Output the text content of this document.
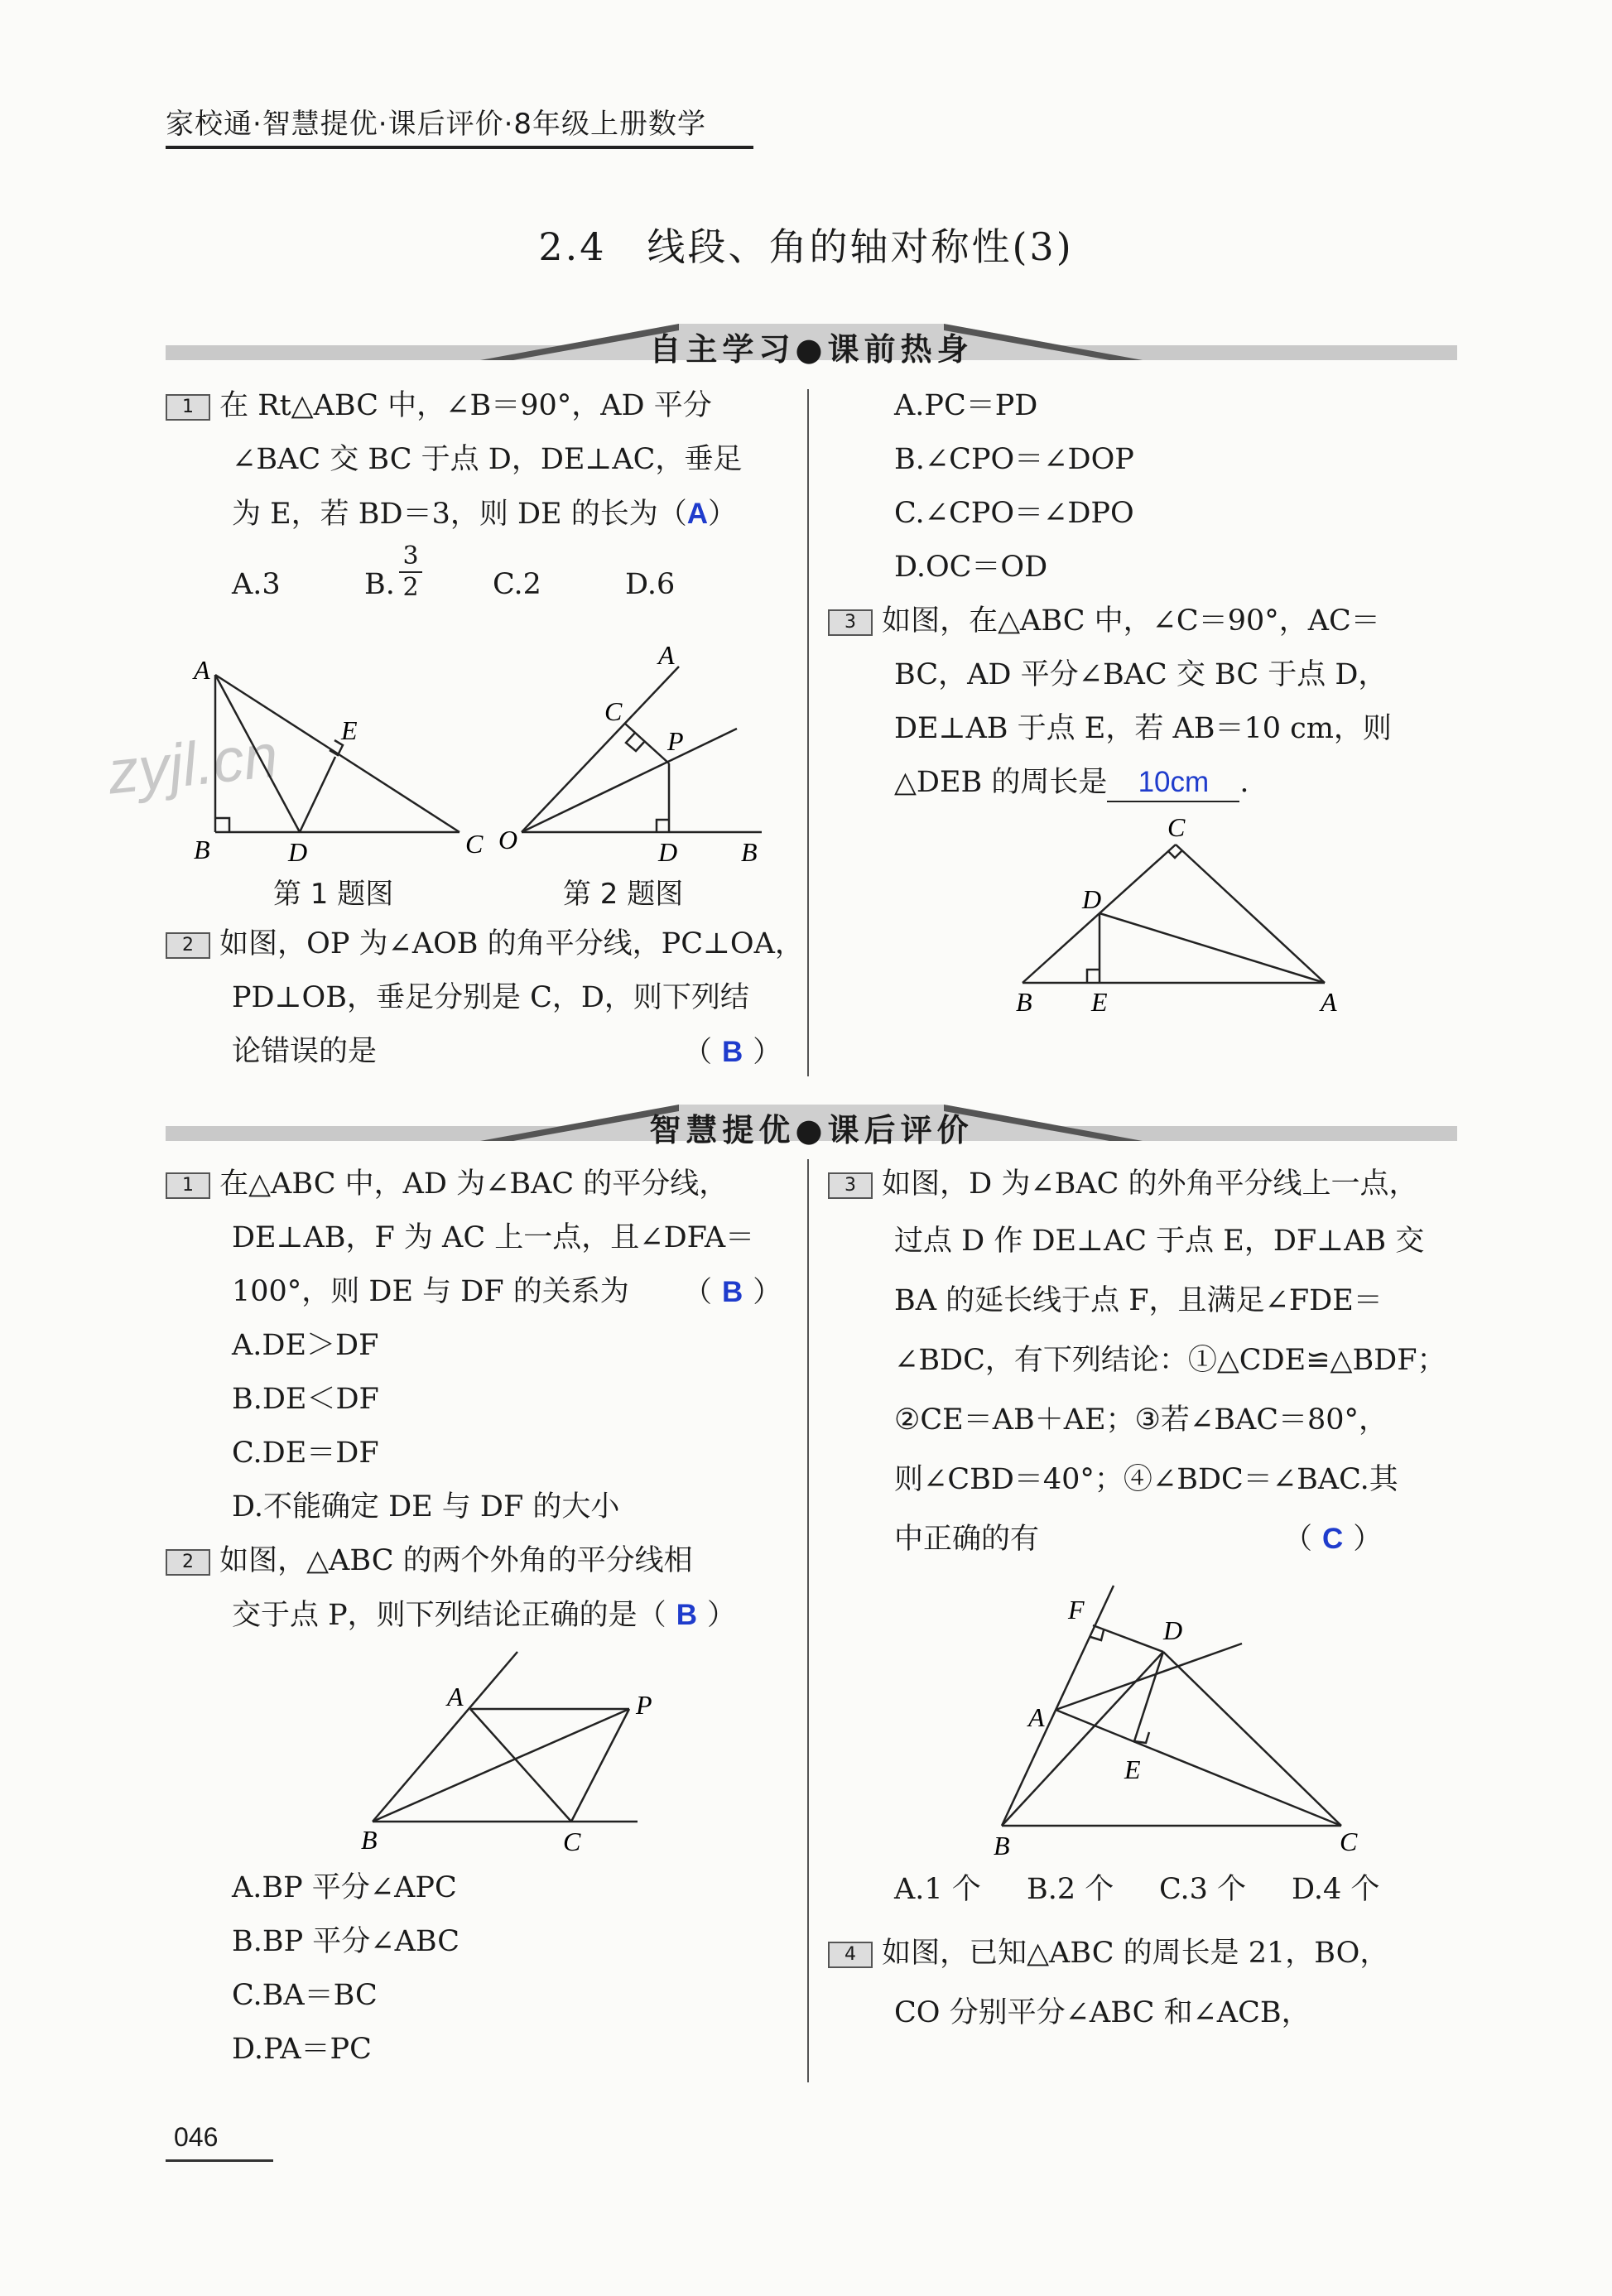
家校通·智慧提优·课后评价·8年级上册数学
2.4　线段、角的轴对称性(3)
zyjl.cn
自主学习●课前热身
1 在 Rt△ABC 中，∠B＝90°，AD 平分
∠BAC 交 BC 于点 D，DE⊥AC，垂足
为 E，若 BD＝3，则 DE 的长为（A）
A.3	B. $\frac{3}{2} C.2$	D.6
A
E
B	D	C
A
C
P
O	D B
第 1 题图	第 2 题图
2 如图，OP 为∠AOB 的角平分线，PC⊥OA，
PD⊥OB，垂足分别是 C，D，则下列结
论错误的是	（ B ）
A.PC＝PD
B.∠CPO＝∠DOP
C.∠CPO＝∠DPO
D.OC＝OD
3 如图，在△ABC 中，∠C＝90°，AC＝
BC，AD 平分∠BAC 交 BC 于点 D，
DE⊥AB 于点 E，若 AB＝10 cm，则
△DEB 的周长是 10cm .
C
D
B E	A
智慧提优●课后评价
1 在△ABC 中，AD 为∠BAC 的平分线，
DE⊥AB，F 为 AC 上一点，且∠DFA＝
100°，则 DE 与 DF 的关系为 （ B ）
A.DE＞DF
B.DE＜DF
C.DE＝DF
D.不能确定 DE 与 DF 的大小
2 如图，△ABC 的两个外角的平分线相
交于点 P，则下列结论正确的是（ B ）
A	P
B	C
A.BP 平分∠APC
B.BP 平分∠ABC
C.BA＝BC
D.PA＝PC
3 如图，D 为∠BAC 的外角平分线上一点，
过点 D 作 DE⊥AC 于点 E，DF⊥AB 交
BA 的延长线于点 F，且满足∠FDE＝
∠BDC，有下列结论：①△CDE≌△BDF；
②CE＝AB＋AE；③若∠BAC＝80°，
则∠CBD＝40°；④∠BDC＝∠BAC.其
中正确的有	（ C ）
F
D
A
E
B	C
A.1 个 B.2 个 C.3 个 D.4 个
4 如图，已知△ABC 的周长是 21，BO，
CO 分别平分∠ABC 和∠ACB，
046
